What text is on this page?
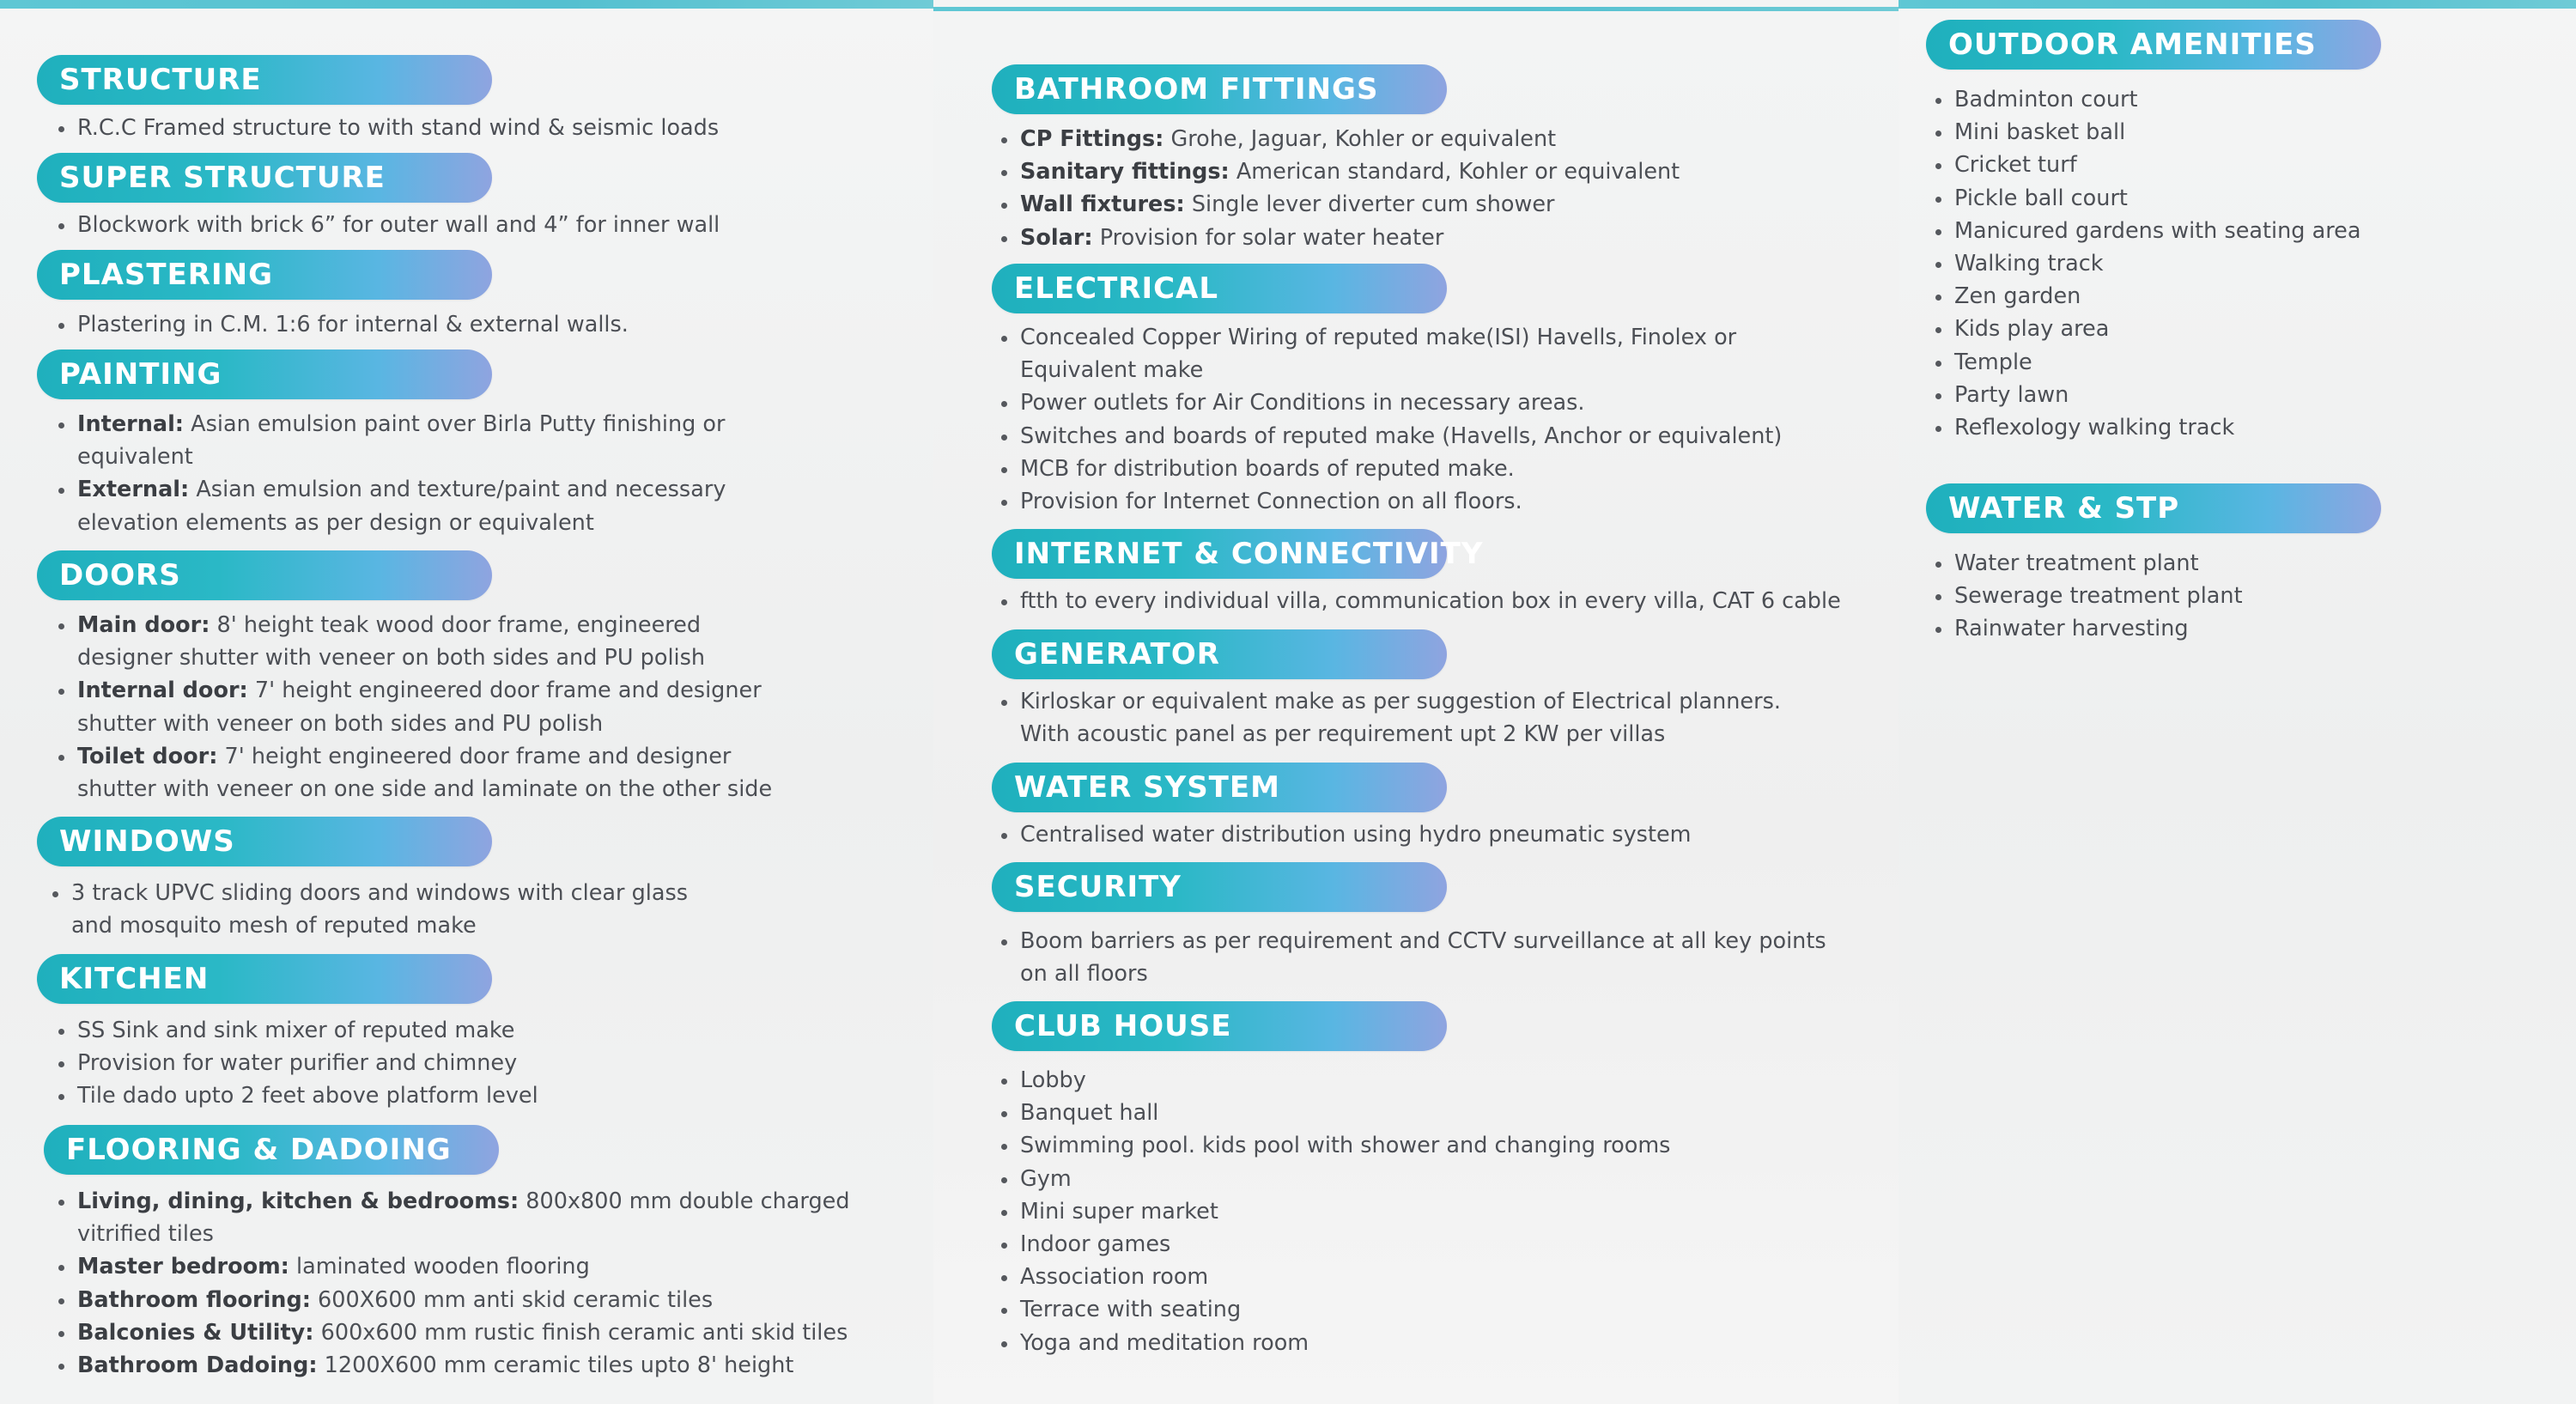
STRUCTURE
R.C.C Framed structure to with stand wind & seismic loads
SUPER STRUCTURE
Blockwork with brick 6” for outer wall and 4” for inner wall
PLASTERING
Plastering in C.M. 1:6 for internal & external walls.
PAINTING
Internal: Asian emulsion paint over Birla Putty finishing or equivalent
External: Asian emulsion and texture/paint and necessary elevation elements as per design or equivalent
DOORS
Main door: 8' height teak wood door frame, engineered designer shutter with veneer on both sides and PU polish
Internal door: 7' height engineered door frame and designer shutter with veneer on both sides and PU polish
Toilet door: 7' height engineered door frame and designer shutter with veneer on one side and laminate on the other side
WINDOWS
3 track UPVC sliding doors and windows with clear glass and mosquito mesh of reputed make
KITCHEN
SS Sink and sink mixer of reputed make
Provision for water purifier and chimney
Tile dado upto 2 feet above platform level
FLOORING & DADOING
Living, dining, kitchen & bedrooms: 800x800 mm double charged vitrified tiles
Master bedroom: laminated wooden flooring
Bathroom flooring: 600X600 mm anti skid ceramic tiles
Balconies & Utility: 600x600 mm rustic finish ceramic anti skid tiles
Bathroom Dadoing: 1200X600 mm ceramic tiles upto 8' height
BATHROOM FITTINGS
CP Fittings: Grohe, Jaguar, Kohler or equivalent
Sanitary fittings: American standard, Kohler or equivalent
Wall fixtures: Single lever diverter cum shower
Solar: Provision for solar water heater
ELECTRICAL
Concealed Copper Wiring of reputed make(ISI) Havells, Finolex or Equivalent make
Power outlets for Air Conditions in necessary areas.
Switches and boards of reputed make (Havells, Anchor or equivalent)
MCB for distribution boards of reputed make.
Provision for Internet Connection on all floors.
INTERNET & CONNECTIVITY
ftth to every individual villa, communication box in every villa, CAT 6 cable
GENERATOR
Kirloskar or equivalent make as per suggestion of Electrical planners. With acoustic panel as per requirement upt 2 KW per villas
WATER SYSTEM
Centralised water distribution using hydro pneumatic system
SECURITY
Boom barriers as per requirement and CCTV surveillance at all key points on all floors
CLUB HOUSE
Lobby
Banquet hall
Swimming pool. kids pool with shower and changing rooms
Gym
Mini super market
Indoor games
Association room
Terrace with seating
Yoga and meditation room
OUTDOOR AMENITIES
Badminton court
Mini basket ball
Cricket turf
Pickle ball court
Manicured gardens with seating area
Walking track
Zen garden
Kids play area
Temple
Party lawn
Reflexology walking track
WATER & STP
Water treatment plant
Sewerage treatment plant
Rainwater harvesting
